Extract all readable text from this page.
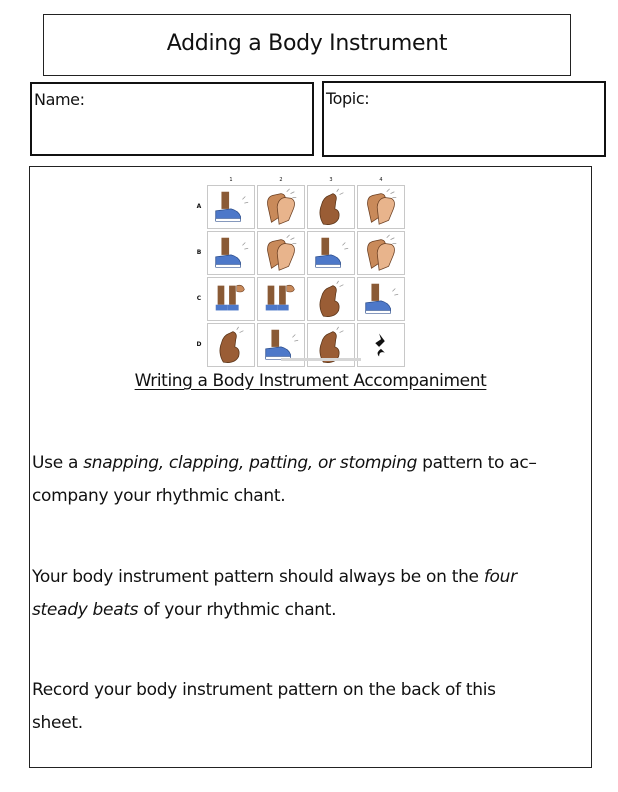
Adding a Body Instrument
Name:	Topic:
1	2	3	4
A
B
C
D
Writing a Body Instrument Accompaniment
Use a snapping, clapping, patting, or stomping pattern to ac–
company your rhythmic chant.
Your body instrument pattern should always be on the four
steady beats of your rhythmic chant.
Record your body instrument pattern on the back of this
sheet.
